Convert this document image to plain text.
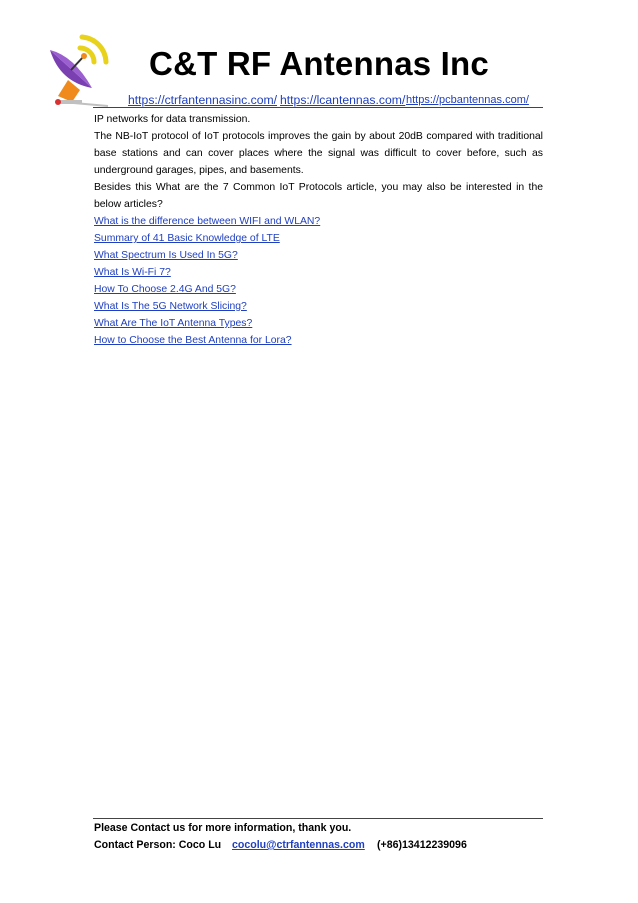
C&T RF Antennas Inc
https://ctrfantennasinc.com/ https://lcantennas.com/ https://pcbantennas.com/

IP networks for data transmission.

The NB-IoT protocol of IoT protocols improves the gain by about 20dB compared with traditional base stations and can cover places where the signal was difficult to cover before, such as underground garages, pipes, and basements.

Besides this What are the 7 Common IoT Protocols article, you may also be interested in the below articles?

What is the difference between WIFI and WLAN?
Summary of 41 Basic Knowledge of LTE
What Spectrum Is Used In 5G?
What Is Wi-Fi 7?
How To Choose 2.4G And 5G?
What Is The 5G Network Slicing?
What Are The IoT Antenna Types?
How to Choose the Best Antenna for Lora?
Please Contact us for more information, thank you.
Contact Person: Coco Lu cocolu@ctrfantennas.com (+86)13412239096
